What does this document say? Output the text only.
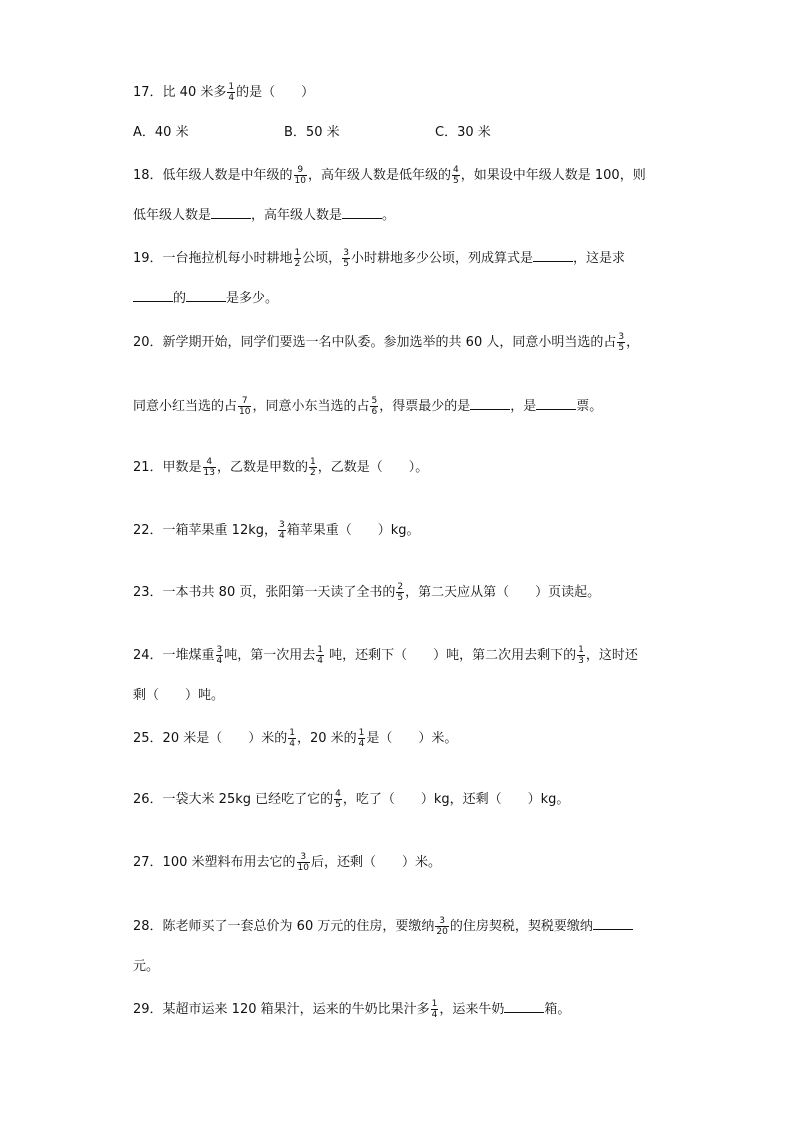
17．比 40 米多 $\frac{1}{4}$ 的是（　　）
A．40 米	B．50 米	C．30 米
18．低年级人数是中年级的 $\frac{9}{10}$ ，高年级人数是低年级的 $\frac{4}{5}$ ，如果设中年级人数是 100，则
低年级人数是	，高年级人数是	。
19．一台拖拉机每小时耕地 $\frac{1}{2}$ 公顷， $\frac{3}{5}$ 小时耕地多少公顷，列成算式是	，这是求
的	是多少。
20．新学期开始，同学们要选一名中队委。参加选举的共 60 人，同意小明当选的占 $\frac{3}{5}$ ，
同意小红当选的占 $\frac{7}{10}$ ，同意小东当选的占 $\frac{5}{6}$ ，得票最少的是	，是	票。
21．甲数是 $\frac{4}{13}$ ，乙数是甲数的 $\frac{1}{2}$ ，乙数是（　　）。
22．一箱苹果重 12kg， $\frac{3}{4}$ 箱苹果重（　　）kg。
23．一本书共 80 页，张阳第一天读了全书的 $\frac{2}{5}$ ，第二天应从第（　　）页读起。
24．一堆煤重 $\frac{3}{4}$ 吨，第一次用去 $\frac{1}{4}$ 吨，还剩下（　　）吨，第二次用去剩下的 $\frac{1}{3}$ ，这时还
剩（　　）吨。
25．20 米是（　　）米的 $\frac{1}{4}$ ，20 米的 $\frac{1}{4}$ 是（　　）米。
26．一袋大米 25kg 已经吃了它的 $\frac{4}{5}$ ，吃了（　　）kg，还剩（　　）kg。
27．100 米塑料布用去它的 $\frac{3}{10}$ 后，还剩（　　）米。
28．陈老师买了一套总价为 60 万元的住房，要缴纳 $\frac{3}{20}$ 的住房契税，契税要缴纳
元。
29．某超市运来 120 箱果汁，运来的牛奶比果汁多 $\frac{1}{4}$ ，运来牛奶	箱。
